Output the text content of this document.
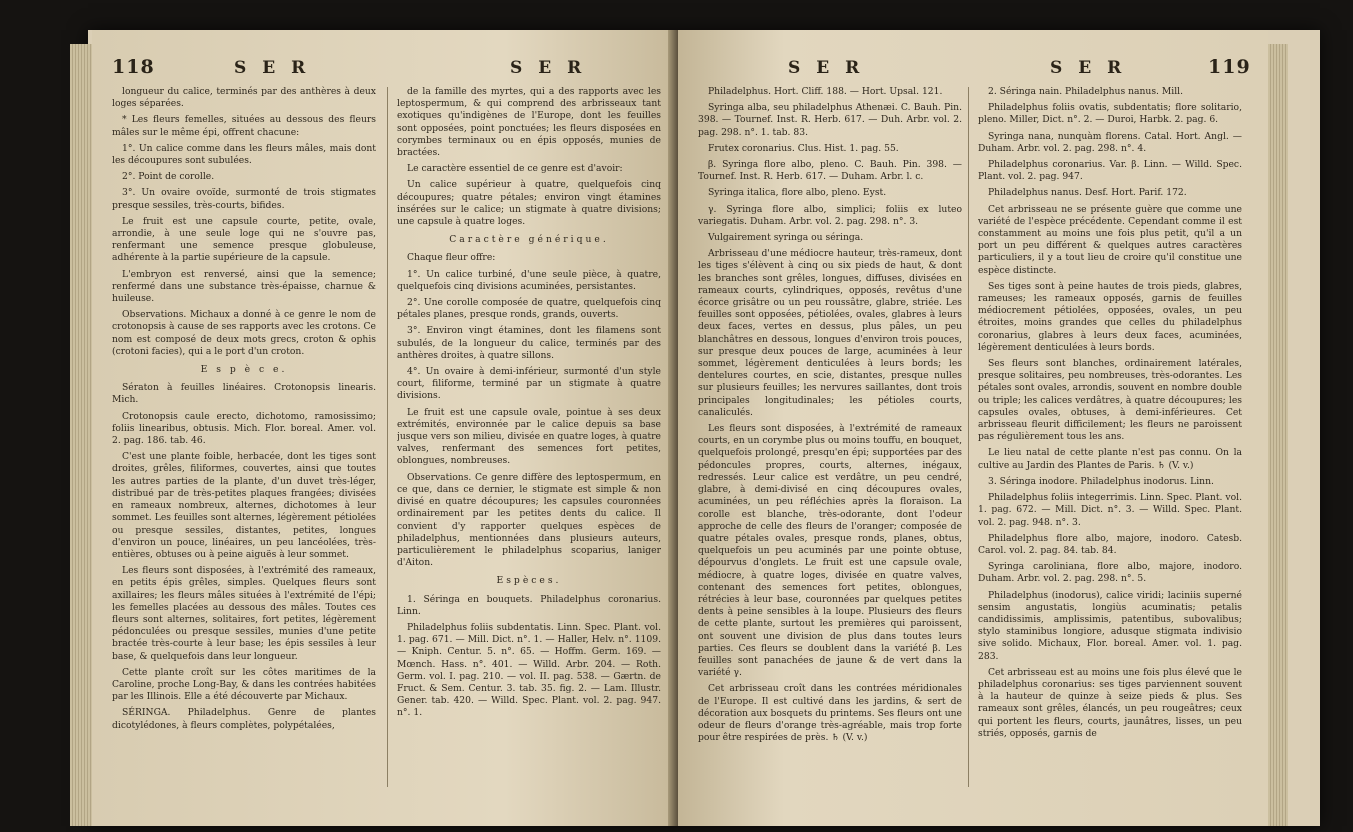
118	S E R	S E R

longueur du calice, terminés par des anthères à deux loges séparées.

* Les fleurs femelles, situées au dessous des fleurs mâles sur le même épi, offrent chacune:

1°. Un calice comme dans les fleurs mâles, mais dont les découpures sont subulées.

2°. Point de corolle.

3°. Un ovaire ovoïde, surmonté de trois stigmates presque sessiles, très-courts, bifides.

Le fruit est une capsule courte, petite, ovale, arrondie, à une seule loge qui ne s'ouvre pas, renfermant une semence presque globuleuse, adhérente à la partie supérieure de la capsule.

L'embryon est renversé, ainsi que la semence; renfermé dans une substance très-épaisse, charnue & huileuse.

Observations. Michaux a donné à ce genre le nom de crotonopsis à cause de ses rapports avec les crotons. Ce nom est composé de deux mots grecs, croton & ophis (crotoni facies), qui a le port d'un croton.

E s p è c e.

Sératon à feuilles linéaires. Crotonopsis linearis. Mich.

Crotonopsis caule erecto, dichotomo, ramosissimo; foliis linearibus, obtusis. Mich. Flor. boreal. Amer. vol. 2. pag. 186. tab. 46.

C'est une plante foible, herbacée, dont les tiges sont droites, grêles, filiformes, couvertes, ainsi que toutes les autres parties de la plante, d'un duvet très-léger, distribué par de très-petites plaques frangées; divisées en rameaux nombreux, alternes, dichotomes à leur sommet. Les feuilles sont alternes, légèrement pétiolées ou presque sessiles, distantes, petites, longues d'environ un pouce, linéaires, un peu lancéolées, très-entières, obtuses ou à peine aiguës à leur sommet.

Les fleurs sont disposées, à l'extrémité des rameaux, en petits épis grêles, simples. Quelques fleurs sont axillaires; les fleurs mâles situées à l'extrémité de l'épi; les femelles placées au dessous des mâles. Toutes ces fleurs sont alternes, solitaires, fort petites, légèrement pédonculées ou presque sessiles, munies d'une petite bractée très-courte à leur base; les épis sessiles à leur base, & quelquefois dans leur longueur.

Cette plante croît sur les côtes maritimes de la Caroline, proche Long-Bay, & dans les contrées habitées par les Illinois. Elle a été découverte par Michaux.

SÉRINGA. Philadelphus. Genre de plantes dicotylédones, à fleurs complètes, polypétalées,

de la famille des myrtes, qui a des rapports avec les leptospermum, & qui comprend des arbrisseaux tant exotiques qu'indigènes de l'Europe, dont les feuilles sont opposées, point ponctuées; les fleurs disposées en corymbes terminaux ou en épis opposés, munies de bractées.

Le caractère essentiel de ce genre est d'avoir:

Un calice supérieur à quatre, quelquefois cinq découpures; quatre pétales; environ vingt étamines insérées sur le calice; un stigmate à quatre divisions; une capsule à quatre loges.

Caractère générique.

Chaque fleur offre:

1°. Un calice turbiné, d'une seule pièce, à quatre, quelquefois cinq divisions acuminées, persistantes.

2°. Une corolle composée de quatre, quelquefois cinq pétales planes, presque ronds, grands, ouverts.

3°. Environ vingt étamines, dont les filamens sont subulés, de la longueur du calice, terminés par des anthères droites, à quatre sillons.

4°. Un ovaire à demi-inférieur, surmonté d'un style court, filiforme, terminé par un stigmate à quatre divisions.

Le fruit est une capsule ovale, pointue à ses deux extrémités, environnée par le calice depuis sa base jusque vers son milieu, divisée en quatre loges, à quatre valves, renfermant des semences fort petites, oblongues, nombreuses.

Observations. Ce genre diffère des leptospermum, en ce que, dans ce dernier, le stigmate est simple & non divisé en quatre découpures; les capsules couronnées ordinairement par les petites dents du calice. Il convient d'y rapporter quelques espèces de philadelphus, mentionnées dans plusieurs auteurs, particulièrement le philadelphus scoparius, laniger d'Aiton.

Espèces.

1. Séringa en bouquets. Philadelphus coronarius. Linn.

Philadelphus foliis subdentatis. Linn. Spec. Plant. vol. 1. pag. 671. — Mill. Dict. n°. 1. — Haller, Helv. n°. 1109. — Kniph. Centur. 5. n°. 65. — Hoffm. Germ. 169. — Mœnch. Hass. n°. 401. — Willd. Arbr. 204. — Roth. Germ. vol. I. pag. 210. — vol. II. pag. 538. — Gærtn. de Fruct. & Sem. Centur. 3. tab. 35. fig. 2. — Lam. Illustr. Gener. tab. 420. — Willd. Spec. Plant. vol. 2. pag. 947. n°. 1.

S E R	S E R	119

Philadelphus. Hort. Cliff. 188. — Hort. Upsal. 121.

Syringa alba, seu philadelphus Athenæi. C. Bauh. Pin. 398. — Tournef. Inst. R. Herb. 617. — Duh. Arbr. vol. 2. pag. 298. n°. 1. tab. 83.

Frutex coronarius. Clus. Hist. 1. pag. 55.

β. Syringa flore albo, pleno. C. Bauh. Pin. 398. — Tournef. Inst. R. Herb. 617. — Duham. Arbr. l. c.

Syringa italica, flore albo, pleno. Eyst.

γ. Syringa flore albo, simplici; foliis ex luteo variegatis. Duham. Arbr. vol. 2. pag. 298. n°. 3.

Vulgairement syringa ou séringa.

Arbrisseau d'une médiocre hauteur, très-rameux, dont les tiges s'élèvent à cinq ou six pieds de haut, & dont les branches sont grêles, longues, diffuses, divisées en rameaux courts, cylindriques, opposés, revêtus d'une écorce grisâtre ou un peu roussâtre, glabre, striée. Les feuilles sont opposées, pétiolées, ovales, glabres à leurs deux faces, vertes en dessus, plus pâles, un peu blanchâtres en dessous, longues d'environ trois pouces, sur presque deux pouces de large, acuminées à leur sommet, légèrement denticulées à leurs bords; les dentelures courtes, en scie, distantes, presque nulles sur plusieurs feuilles; les nervures saillantes, dont trois principales longitudinales; les pétioles courts, canaliculés.

Les fleurs sont disposées, à l'extrémité de rameaux courts, en un corymbe plus ou moins touffu, en bouquet, quelquefois prolongé, presqu'en épi; supportées par des pédoncules propres, courts, alternes, inégaux, redressés. Leur calice est verdâtre, un peu cendré, glabre, à demi-divisé en cinq découpures ovales, acuminées, un peu réfléchies après la floraison. La corolle est blanche, très-odorante, dont l'odeur approche de celle des fleurs de l'oranger; composée de quatre pétales ovales, presque ronds, planes, obtus, quelquefois un peu acuminés par une pointe obtuse, dépourvus d'onglets. Le fruit est une capsule ovale, médiocre, à quatre loges, divisée en quatre valves, contenant des semences fort petites, oblongues, rétrécies à leur base, couronnées par quelques petites dents à peine sensibles à la loupe. Plusieurs des fleurs de cette plante, surtout les premières qui paroissent, ont souvent une division de plus dans toutes leurs parties. Ces fleurs se doublent dans la variété β. Les feuilles sont panachées de jaune & de vert dans la variété γ.

Cet arbrisseau croît dans les contrées méridionales de l'Europe. Il est cultivé dans les jardins, & sert de décoration aux bosquets du printems. Ses fleurs ont une odeur de fleurs d'orange très-agréable, mais trop forte pour être respirées de près. ♄ (V. v.)

2. Séringa nain. Philadelphus nanus. Mill.

Philadelphus foliis ovatis, subdentatis; flore solitario, pleno. Miller, Dict. n°. 2. — Duroi, Harbk. 2. pag. 6.

Syringa nana, nunquàm florens. Catal. Hort. Angl. — Duham. Arbr. vol. 2. pag. 298. n°. 4.

Philadelphus coronarius. Var. β. Linn. — Willd. Spec. Plant. vol. 2. pag. 947.

Philadelphus nanus. Desf. Hort. Parif. 172.

Cet arbrisseau ne se présente guère que comme une variété de l'espèce précédente. Cependant comme il est constamment au moins une fois plus petit, qu'il a un port un peu différent & quelques autres caractères particuliers, il y a tout lieu de croire qu'il constitue une espèce distincte.

Ses tiges sont à peine hautes de trois pieds, glabres, rameuses; les rameaux opposés, garnis de feuilles médiocrement pétiolées, opposées, ovales, un peu étroites, moins grandes que celles du philadelphus coronarius, glabres à leurs deux faces, acuminées, légèrement denticulées à leurs bords.

Ses fleurs sont blanches, ordinairement latérales, presque solitaires, peu nombreuses, très-odorantes. Les pétales sont ovales, arrondis, souvent en nombre double ou triple; les calices verdâtres, à quatre découpures; les capsules ovales, obtuses, à demi-inférieures. Cet arbrisseau fleurit difficilement; les fleurs ne paroissent pas régulièrement tous les ans.

Le lieu natal de cette plante n'est pas connu. On la cultive au Jardin des Plantes de Paris. ♄ (V. v.)

3. Séringa inodore. Philadelphus inodorus. Linn.

Philadelphus foliis integerrimis. Linn. Spec. Plant. vol. 1. pag. 672. — Mill. Dict. n°. 3. — Willd. Spec. Plant. vol. 2. pag. 948. n°. 3.

Philadelphus flore albo, majore, inodoro. Catesb. Carol. vol. 2. pag. 84. tab. 84.

Syringa caroliniana, flore albo, majore, inodoro. Duham. Arbr. vol. 2. pag. 298. n°. 5.

Philadelphus (inodorus), calice viridi; laciniis superné sensim angustatis, longiùs acuminatis; petalis candidissimis, amplissimis, patentibus, subovalibus; stylo staminibus longiore, adusque stigmata indivisio sive solido. Michaux, Flor. boreal. Amer. vol. 1. pag. 283.

Cet arbrisseau est au moins une fois plus élevé que le philadelphus coronarius: ses tiges parviennent souvent à la hauteur de quinze à seize pieds & plus. Ses rameaux sont grêles, élancés, un peu rougeâtres; ceux qui portent les fleurs, courts, jaunâtres, lisses, un peu striés, opposés, garnis de
